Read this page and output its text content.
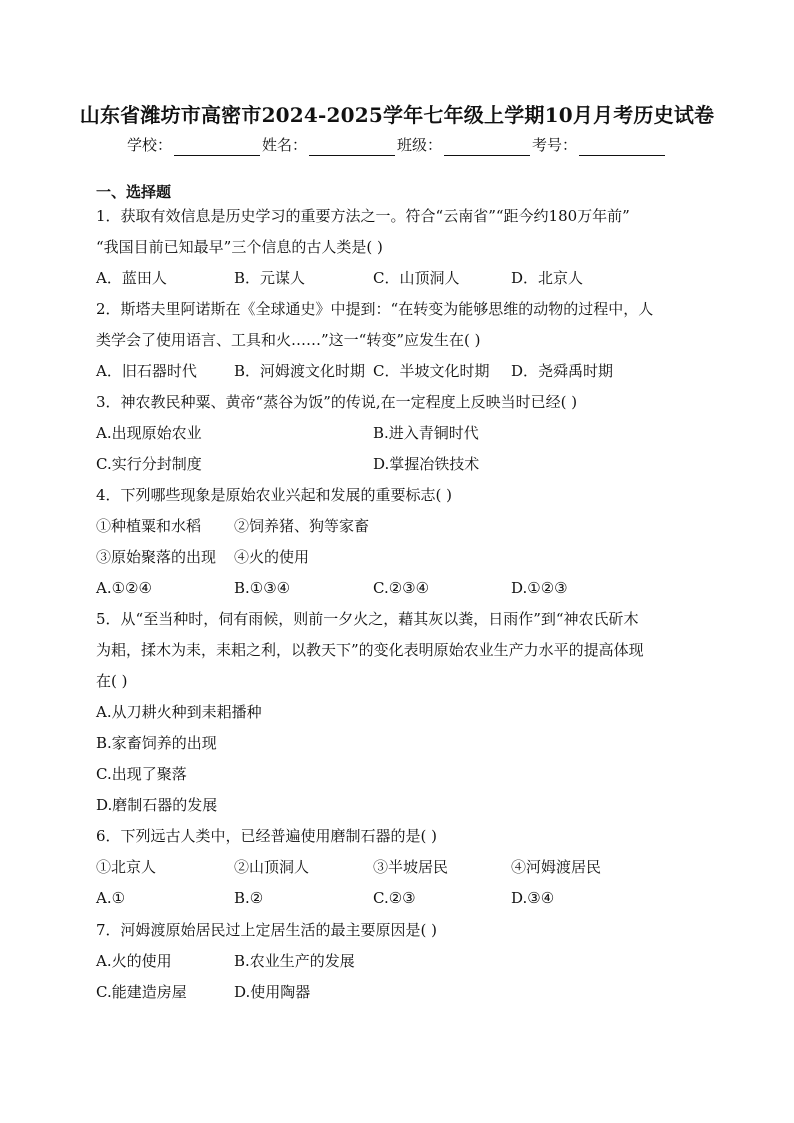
山东省潍坊市高密市2024-2025学年七年级上学期10月月考历史试卷
学校：	姓名：	班级：	考号：
一、选择题
1．获取有效信息是历史学习的重要方法之一。符合“云南省”“距今约180万年前”
“我国目前已知最早”三个信息的古人类是( )
A．蓝田人	B．元谋人	C．山顶洞人	D．北京人
2．斯塔夫里阿诺斯在《全球通史》中提到：“在转变为能够思维的动物的过程中，人
类学会了使用语言、工具和火……”这一“转变”应发生在( )
A．旧石器时代 B．河姆渡文化时期 C．半坡文化时期 D．尧舜禹时期
3．神农教民种粟、黄帝“蒸谷为饭”的传说,在一定程度上反映当时已经( )
A.出现原始农业	B.进入青铜时代
C.实行分封制度	D.掌握冶铁技术
4．下列哪些现象是原始农业兴起和发展的重要标志( )
①种植粟和水稻 ②饲养猪、狗等家畜
③原始聚落的出现 ④火的使用
A.①②④	B.①③④	C.②③④	D.①②③
5．从“至当种时，伺有雨候，则前一夕火之，藉其灰以粪，日雨作”到“神农氏斫木
为耜，揉木为耒，耒耜之利，以教天下”的变化表明原始农业生产力水平的提高体现
在( )
A.从刀耕火种到耒耜播种
B.家畜饲养的出现
C.出现了聚落
D.磨制石器的发展
6．下列远古人类中，已经普遍使用磨制石器的是( )
①北京人	②山顶洞人	③半坡居民	④河姆渡居民
A.①	B.②	C.②③	D.③④
7．河姆渡原始居民过上定居生活的最主要原因是( )
A.火的使用	B.农业生产的发展
C.能建造房屋	D.使用陶器
